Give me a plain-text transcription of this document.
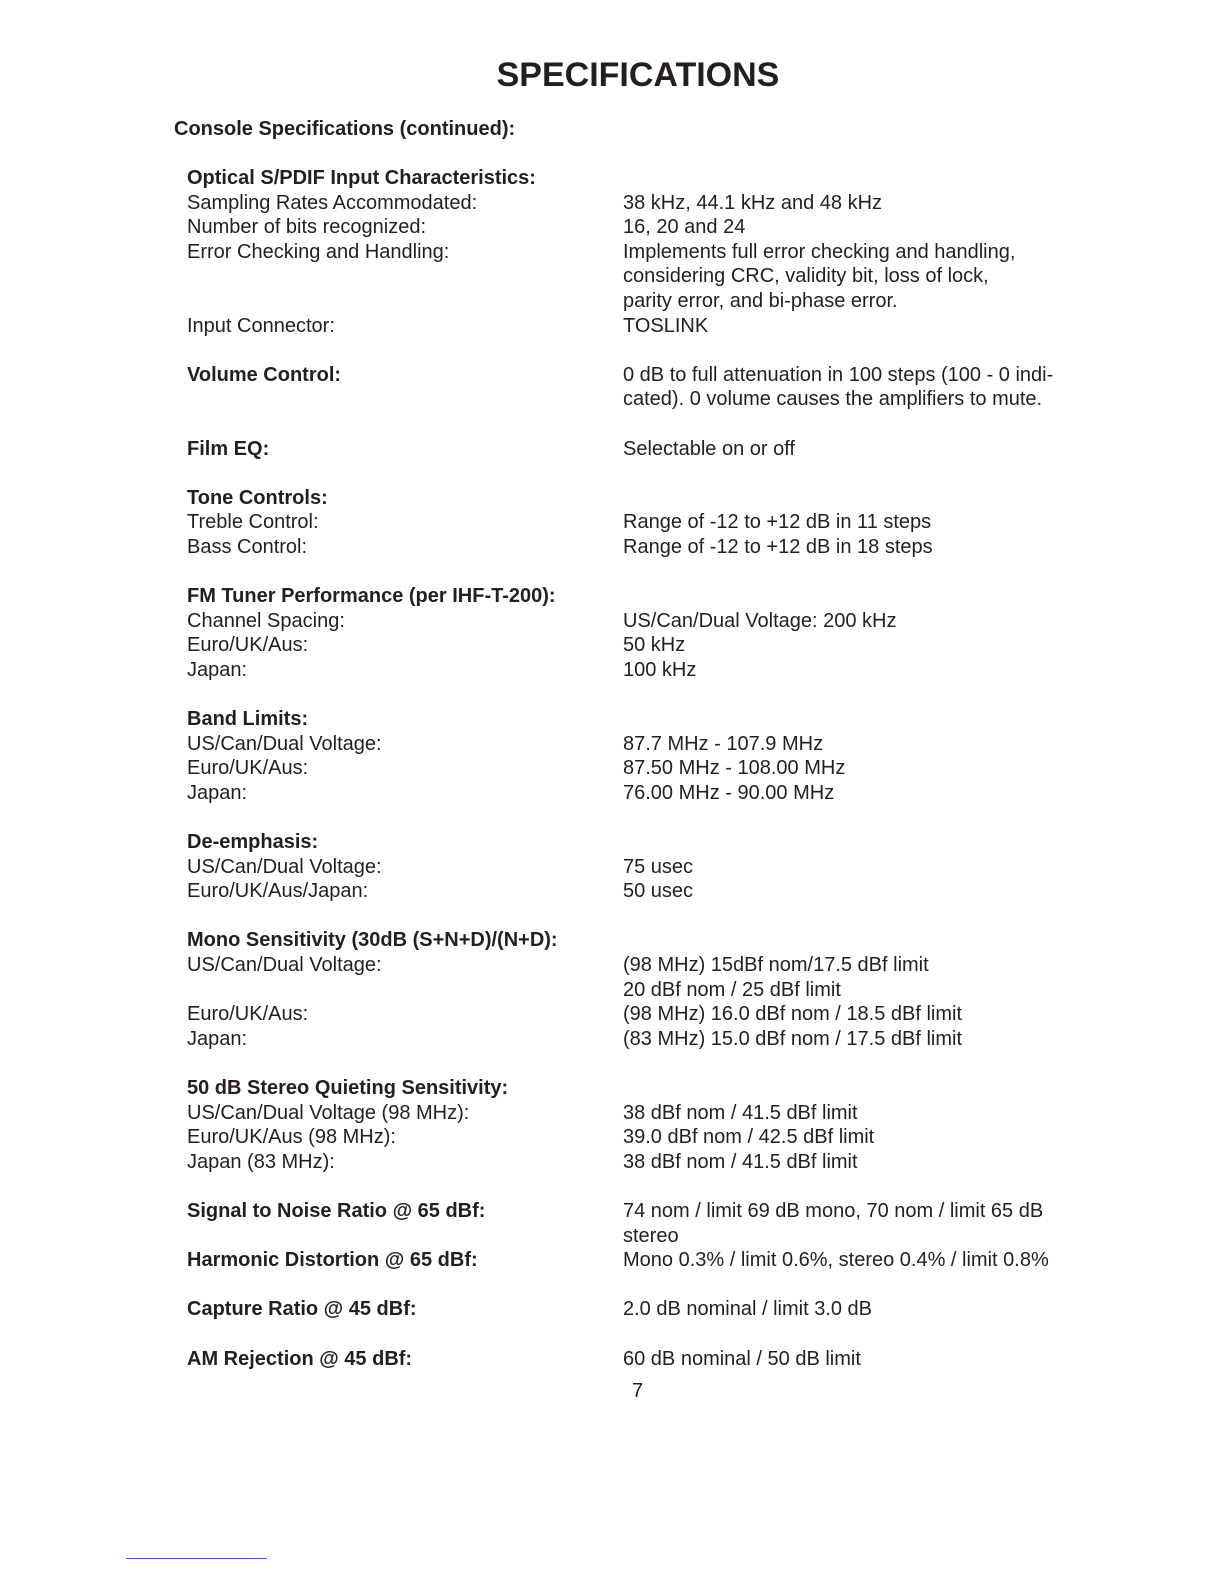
SPECIFICATIONS
Console Specifications (continued):
Optical S/PDIF Input Characteristics:
Sampling Rates Accommodated:	38 kHz, 44.1 kHz and 48 kHz
Number of bits recognized:	16, 20 and 24
Error Checking and Handling:	Implements full error checking and handling,
considering CRC, validity bit, loss of lock,
parity error, and bi-phase error.
Input Connector:	TOSLINK
Volume Control:	0 dB to full attenuation in 100 steps (100 - 0 indi-
cated). 0 volume causes the amplifiers to mute.
Film EQ:	Selectable on or off
Tone Controls:
Treble Control:	Range of -12 to +12 dB in 11 steps
Bass Control:	Range of -12 to +12 dB in 18 steps
FM Tuner Performance (per IHF-T-200):
Channel Spacing:	US/Can/Dual Voltage: 200 kHz
Euro/UK/Aus:	50 kHz
Japan:	100 kHz
Band Limits:
US/Can/Dual Voltage:	87.7 MHz - 107.9 MHz
Euro/UK/Aus:	87.50 MHz - 108.00 MHz
Japan:	76.00 MHz - 90.00 MHz
De-emphasis:
US/Can/Dual Voltage:	75 usec
Euro/UK/Aus/Japan:	50 usec
Mono Sensitivity (30dB (S+N+D)/(N+D):
US/Can/Dual Voltage:	(98 MHz) 15dBf nom/17.5 dBf limit
20 dBf nom / 25 dBf limit
Euro/UK/Aus:	(98 MHz) 16.0 dBf nom / 18.5 dBf limit
Japan:	(83 MHz) 15.0 dBf nom / 17.5 dBf limit
50 dB Stereo Quieting Sensitivity:
US/Can/Dual Voltage (98 MHz):	38 dBf nom / 41.5 dBf limit
Euro/UK/Aus (98 MHz):	39.0 dBf nom / 42.5 dBf limit
Japan (83 MHz):	38 dBf nom / 41.5 dBf limit
Signal to Noise Ratio @ 65 dBf:	74 nom / limit 69 dB mono, 70 nom / limit 65 dB
stereo
Harmonic Distortion @ 65 dBf:	Mono 0.3% / limit 0.6%, stereo 0.4% / limit 0.8%
Capture Ratio @ 45 dBf:	2.0 dB nominal / limit 3.0 dB
AM Rejection @ 45 dBf:	60 dB nominal / 50 dB limit
7
